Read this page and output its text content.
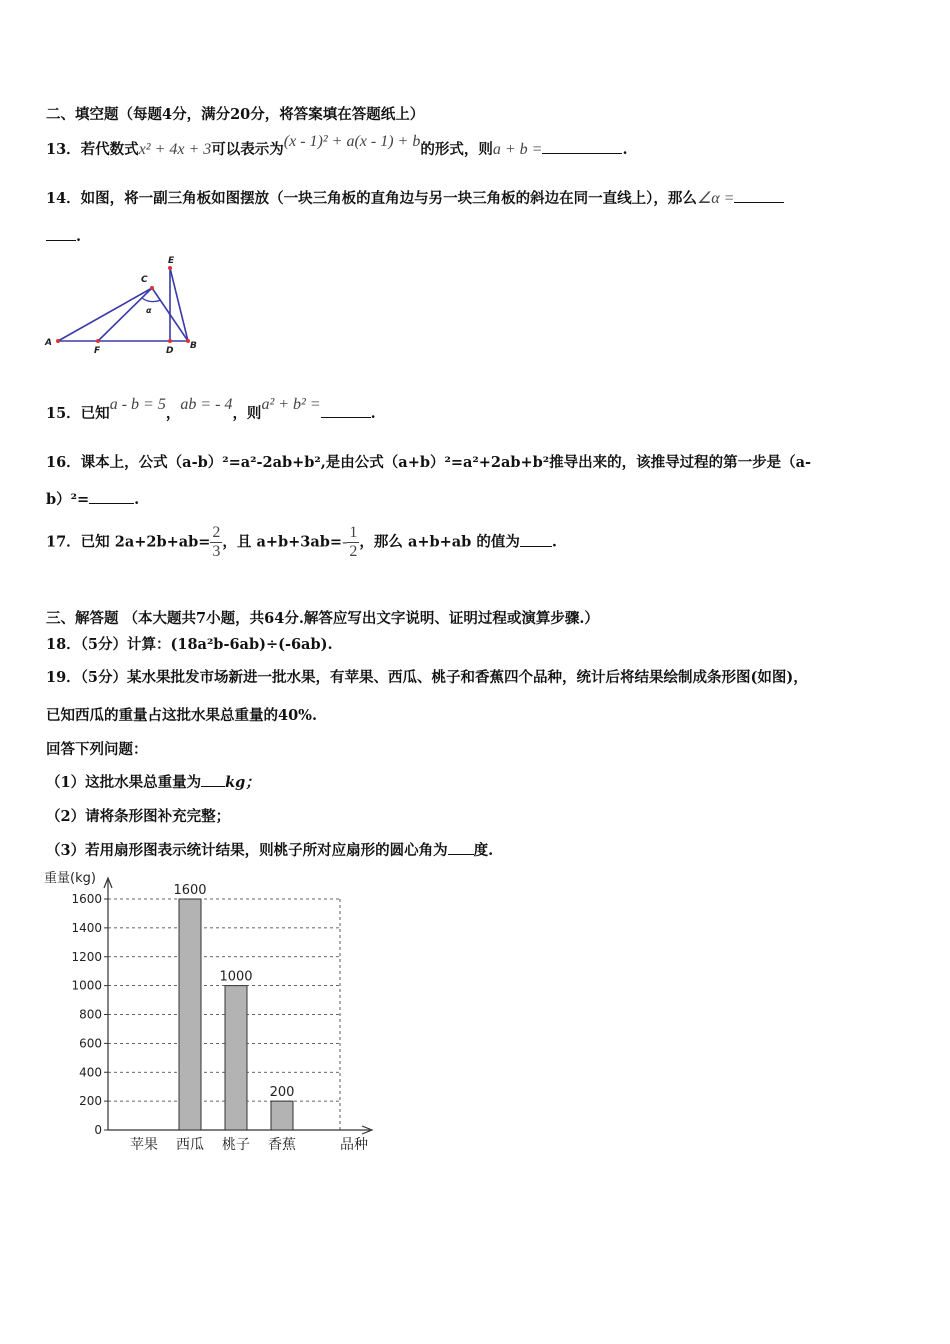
二、填空题（每题4分，满分20分，将答案填在答题纸上）
13．若代数式x² + 4x + 3可以表示为(x - 1)² + a(x - 1) + b的形式，则a + b =	.
14．如图，将一副三角板如图摆放（一块三角板的直角边与另一块三角板的斜边在同一直线上），那么∠α =
.
A
F	D B
C
E
α
15．已知a - b = 5，ab = - 4，则a² + b² =.
16．课本上，公式（a-b）²=a²-2ab+b²,是由公式（a+b）²=a²+2ab+b²推导出来的，该推导过程的第一步是（a-
b）²=	.
17．已知 $2a+2b+ab= \frac{2}{3}$ ，且 $a+b+3ab=- \frac{1}{2}$ ，那么 a+b+ab 的值为 .
三、解答题 （本大题共7小题，共64分.解答应写出文字说明、证明过程或演算步骤.）
18．（5分）计算：(18a²b-6ab)÷(-6ab).
19．（5分）某水果批发市场新进一批水果，有苹果、西瓜、桃子和香蕉四个品种，统计后将结果绘制成条形图(如图)，
已知西瓜的重量占这批水果总重量的40%.
回答下列问题：
（1）这批水果总重量为 kg；
（2）请将条形图补充完整；
（3）若用扇形图表示统计结果，则桃子所对应扇形的圆心角为 度.
0
200
400
600
800
1000
1200
1400
1600
重量(kg)
品种
苹果 西瓜
1600
桃子
1000
香蕉
200
